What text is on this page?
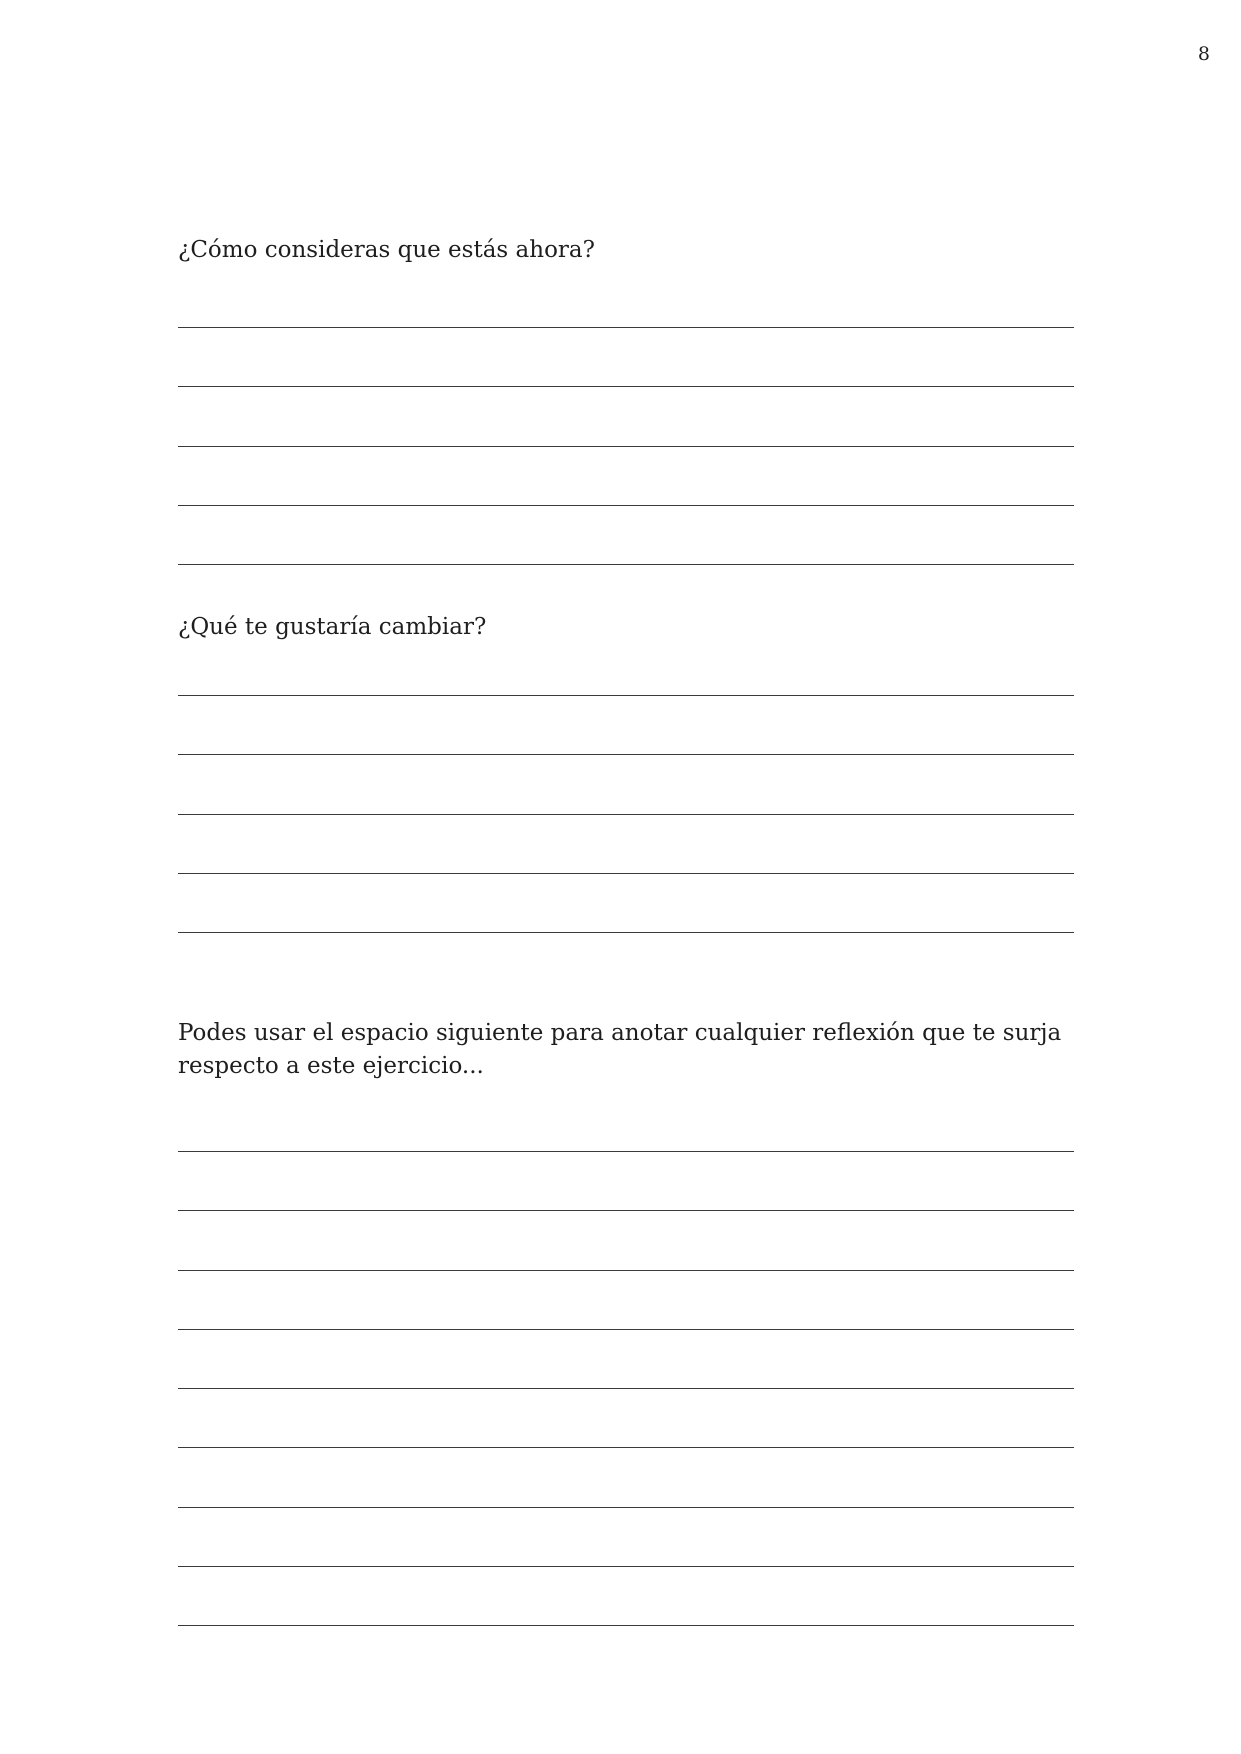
8

¿Cómo consideras que estás ahora?

¿Qué te gustaría cambiar?

Podes usar el espacio siguiente para anotar cualquier reflexión que te surja respecto a este ejercicio...
